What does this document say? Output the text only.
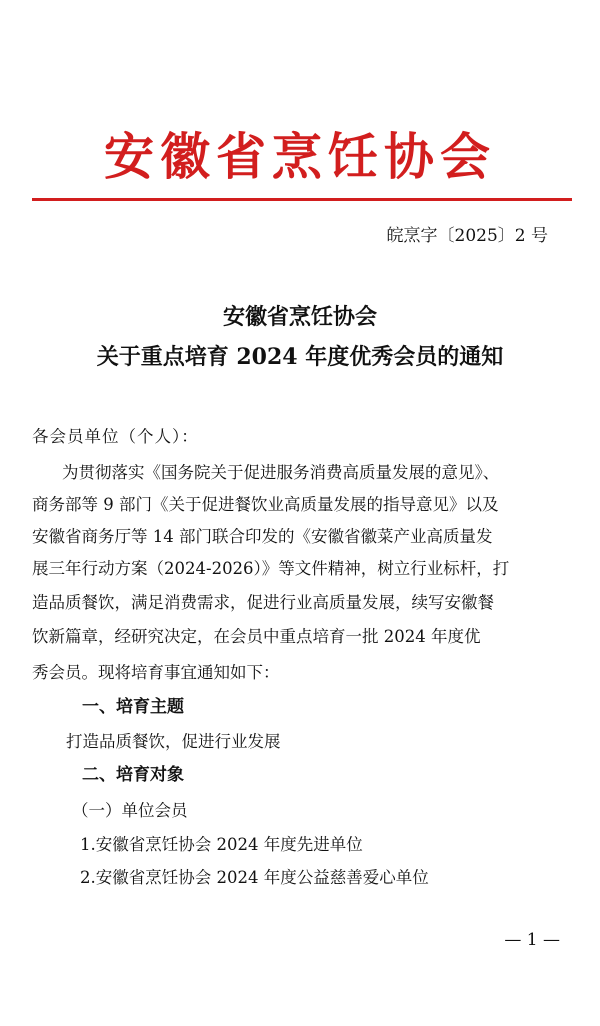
安徽省烹饪协会
皖烹字〔2025〕2 号
安徽省烹饪协会
关于重点培育 2024 年度优秀会员的通知
各会员单位（个人）：
为贯彻落实《国务院关于促进服务消费高质量发展的意见》、
商务部等 9 部门《关于促进餐饮业高质量发展的指导意见》以及
安徽省商务厅等 14 部门联合印发的《安徽省徽菜产业高质量发
展三年行动方案（2024-2026）》等文件精神，树立行业标杆，打
造品质餐饮，满足消费需求，促进行业高质量发展，续写安徽餐
饮新篇章，经研究决定，在会员中重点培育一批 2024 年度优
秀会员。现将培育事宜通知如下：
一、培育主题
打造品质餐饮，促进行业发展
二、培育对象
（一）单位会员
1.安徽省烹饪协会 2024 年度先进单位
2.安徽省烹饪协会 2024 年度公益慈善爱心单位
— 1 —
